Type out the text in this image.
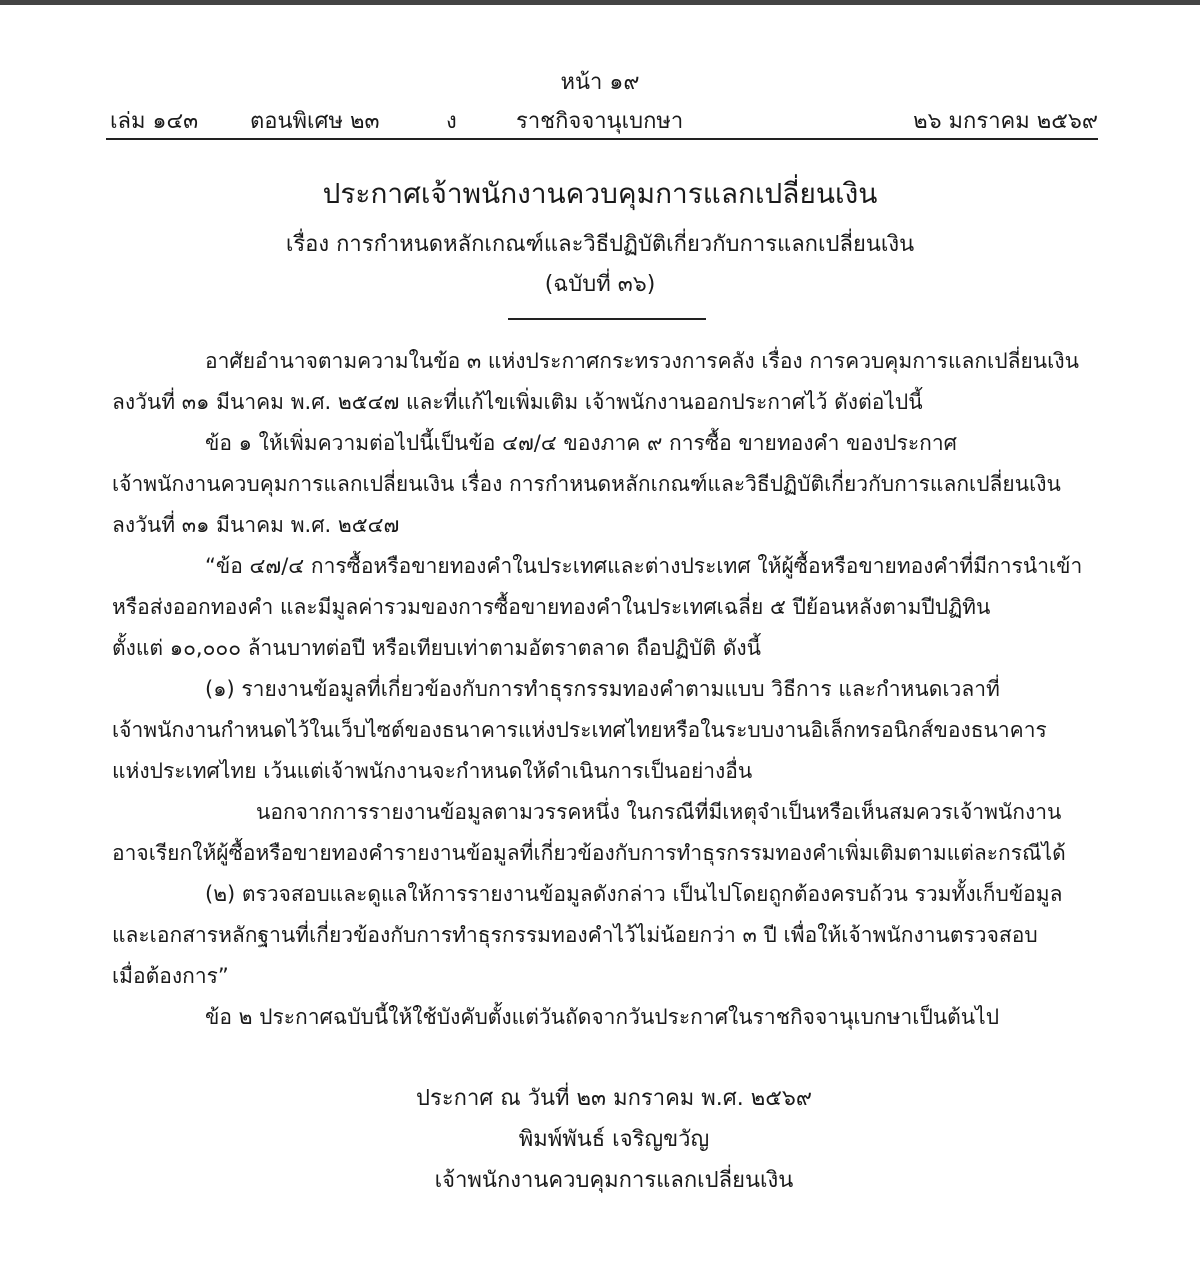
หน้า ๑๙
เล่ม ๑๔๓ ตอนพิเศษ ๒๓	ง	ราชกิจจานุเบกษา	๒๖ มกราคม ๒๕๖๙
ประกาศเจ้าพนักงานควบคุมการแลกเปลี่ยนเงิน
เรื่อง การกำหนดหลักเกณฑ์และวิธีปฏิบัติเกี่ยวกับการแลกเปลี่ยนเงิน
(ฉบับที่ ๓๖)
อาศัยอำนาจตามความในข้อ ๓ แห่งประกาศกระทรวงการคลัง เรื่อง การควบคุมการแลกเปลี่ยนเงิน
ลงวันที่ ๓๑ มีนาคม พ.ศ. ๒๕๔๗ และที่แก้ไขเพิ่มเติม เจ้าพนักงานออกประกาศไว้ ดังต่อไปนี้
ข้อ ๑ ให้เพิ่มความต่อไปนี้เป็นข้อ ๔๗/๔ ของภาค ๙ การซื้อ ขายทองคำ ของประกาศ
เจ้าพนักงานควบคุมการแลกเปลี่ยนเงิน เรื่อง การกำหนดหลักเกณฑ์และวิธีปฏิบัติเกี่ยวกับการแลกเปลี่ยนเงิน
ลงวันที่ ๓๑ มีนาคม พ.ศ. ๒๕๔๗
“ข้อ ๔๗/๔ การซื้อหรือขายทองคำในประเทศและต่างประเทศ ให้ผู้ซื้อหรือขายทองคำที่มีการนำเข้า
หรือส่งออกทองคำ และมีมูลค่ารวมของการซื้อขายทองคำในประเทศเฉลี่ย ๕ ปีย้อนหลังตามปีปฏิทิน
ตั้งแต่ ๑๐,๐๐๐ ล้านบาทต่อปี หรือเทียบเท่าตามอัตราตลาด ถือปฏิบัติ ดังนี้
(๑) รายงานข้อมูลที่เกี่ยวข้องกับการทำธุรกรรมทองคำตามแบบ วิธีการ และกำหนดเวลาที่
เจ้าพนักงานกำหนดไว้ในเว็บไซต์ของธนาคารแห่งประเทศไทยหรือในระบบงานอิเล็กทรอนิกส์ของธนาคาร
แห่งประเทศไทย เว้นแต่เจ้าพนักงานจะกำหนดให้ดำเนินการเป็นอย่างอื่น
นอกจากการรายงานข้อมูลตามวรรคหนึ่ง ในกรณีที่มีเหตุจำเป็นหรือเห็นสมควรเจ้าพนักงาน
อาจเรียกให้ผู้ซื้อหรือขายทองคำรายงานข้อมูลที่เกี่ยวข้องกับการทำธุรกรรมทองคำเพิ่มเติมตามแต่ละกรณีได้
(๒) ตรวจสอบและดูแลให้การรายงานข้อมูลดังกล่าว เป็นไปโดยถูกต้องครบถ้วน รวมทั้งเก็บข้อมูล
และเอกสารหลักฐานที่เกี่ยวข้องกับการทำธุรกรรมทองคำไว้ไม่น้อยกว่า ๓ ปี เพื่อให้เจ้าพนักงานตรวจสอบ
เมื่อต้องการ”
ข้อ ๒ ประกาศฉบับนี้ให้ใช้บังคับตั้งแต่วันถัดจากวันประกาศในราชกิจจานุเบกษาเป็นต้นไป
ประกาศ ณ วันที่ ๒๓ มกราคม พ.ศ. ๒๕๖๙
พิมพ์พันธ์ เจริญขวัญ
เจ้าพนักงานควบคุมการแลกเปลี่ยนเงิน
